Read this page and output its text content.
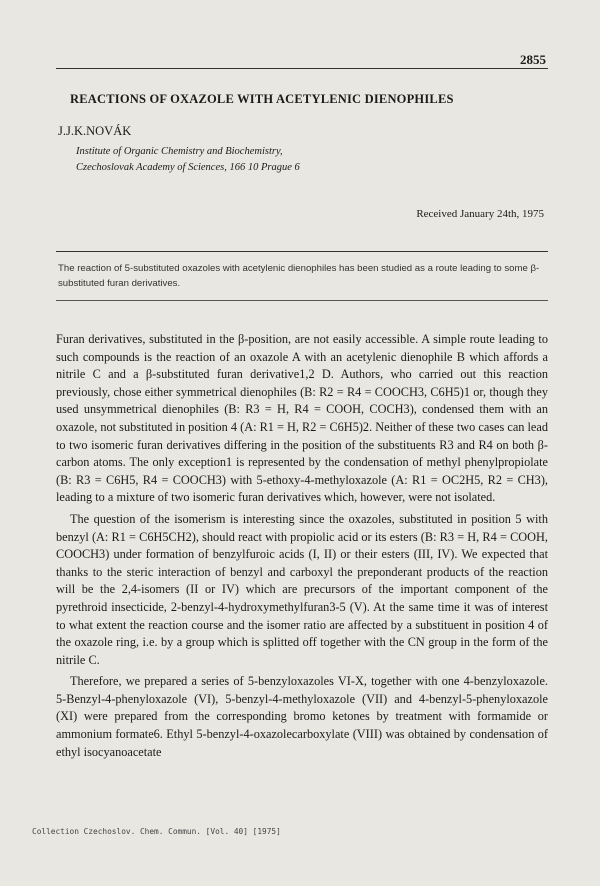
2855
REACTIONS OF OXAZOLE WITH ACETYLENIC DIENOPHILES
J.J.K.NOVÁK
Institute of Organic Chemistry and Biochemistry,
Czechoslovak Academy of Sciences, 166 10 Prague 6
Received January 24th, 1975
The reaction of 5-substituted oxazoles with acetylenic dienophiles has been studied as a route leading to some β-substituted furan derivatives.

Furan derivatives, substituted in the β-position, are not easily accessible. A simple route leading to such compounds is the reaction of an oxazole A with an acetylenic dienophile B which affords a nitrile C and a β-substituted furan derivative1,2 D. Authors, who carried out this reaction previously, chose either symmetrical dienophiles (B: R2 = R4 = COOCH3, C6H5)1 or, though they used unsymmetrical dienophiles (B: R3 = H, R4 = COOH, COCH3), condensed them with an oxazole, not substituted in position 4 (A: R1 = H, R2 = C6H5)2. Neither of these two cases can lead to two isomeric furan derivatives differing in the position of the substituents R3 and R4 on both β-carbon atoms. The only exception1 is represented by the condensation of methyl phenylpropiolate (B: R3 = C6H5, R4 = COOCH3) with 5-ethoxy-4-methyloxazole (A: R1 = OC2H5, R2 = CH3), leading to a mixture of two isomeric furan derivatives which, however, were not isolated.

The question of the isomerism is interesting since the oxazoles, substituted in position 5 with benzyl (A: R1 = C6H5CH2), should react with propiolic acid or its esters (B: R3 = H, R4 = COOH, COOCH3) under formation of benzylfuroic acids (I, II) or their esters (III, IV). We expected that thanks to the steric interaction of benzyl and carboxyl the preponderant products of the reaction will be the 2,4-isomers (II or IV) which are precursors of the important component of the pyrethroid insecticide, 2-benzyl-4-hydroxymethylfuran3-5 (V). At the same time it was of interest to what extent the reaction course and the isomer ratio are affected by a substituent in position 4 of the oxazole ring, i.e. by a group which is splitted off together with the CN group in the form of the nitrile C.

Therefore, we prepared a series of 5-benzyloxazoles VI-X, together with one 4-benzyloxazole. 5-Benzyl-4-phenyloxazole (VI), 5-benzyl-4-methyloxazole (VII) and 4-benzyl-5-phenyloxazole (XI) were prepared from the corresponding bromo ketones by treatment with formamide or ammonium formate6. Ethyl 5-benzyl-4-oxazolecarboxylate (VIII) was obtained by condensation of ethyl isocyanoacetate

Collection Czechoslov. Chem. Commun. [Vol. 40] [1975]
